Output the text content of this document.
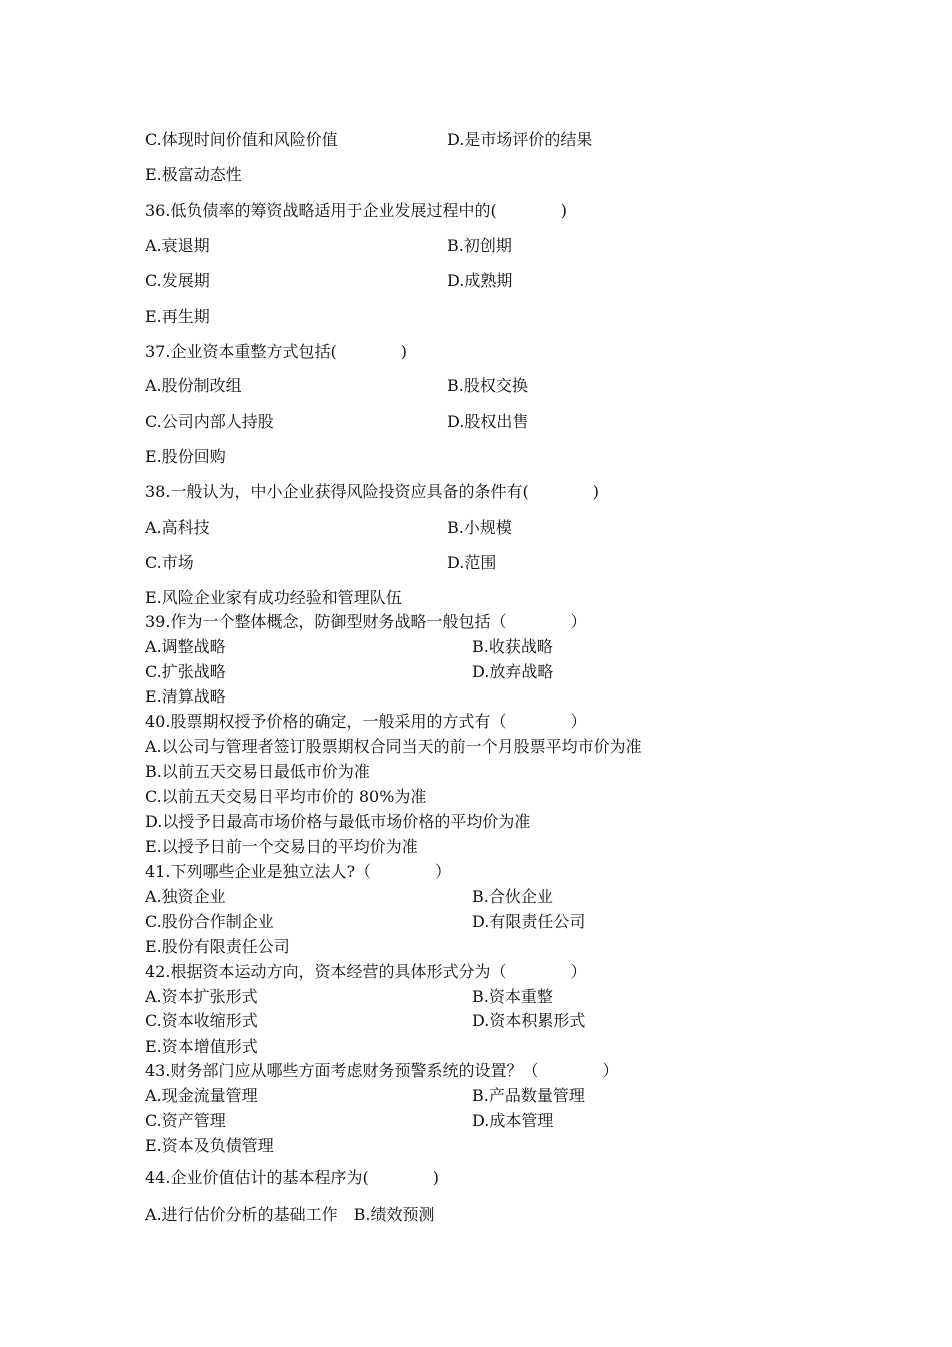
C.体现时间价值和风险价值	D.是市场评价的结果
E.极富动态性
36.低负债率的筹资战略适用于企业发展过程中的(　　　　)
A.衰退期	B.初创期
C.发展期	D.成熟期
E.再生期
37.企业资本重整方式包括(　　　　)
A.股份制改组	B.股权交换
C.公司内部人持股	D.股权出售
E.股份回购
38.一般认为，中小企业获得风险投资应具备的条件有(　　　　)
A.高科技	B.小规模
C.市场	D.范围
E.风险企业家有成功经验和管理队伍
39.作为一个整体概念，防御型财务战略一般包括（　　　　）
A.调整战略	B.收获战略
C.扩张战略	D.放弃战略
E.清算战略
40.股票期权授予价格的确定，一般采用的方式有（　　　　）
A.以公司与管理者签订股票期权合同当天的前一个月股票平均市价为准
B.以前五天交易日最低市价为准
C.以前五天交易日平均市价的 80%为准
D.以授予日最高市场价格与最低市场价格的平均价为准
E.以授予日前一个交易日的平均价为准
41.下列哪些企业是独立法人?（　　　　）
A.独资企业	B.合伙企业
C.股份合作制企业	D.有限责任公司
E.股份有限责任公司
42.根据资本运动方向，资本经营的具体形式分为（　　　　）
A.资本扩张形式	B.资本重整
C.资本收缩形式	D.资本积累形式
E.资本增值形式
43.财务部门应从哪些方面考虑财务预警系统的设置？（　　　　）
A.现金流量管理	B.产品数量管理
C.资产管理	D.成本管理
E.资本及负债管理
44.企业价值估计的基本程序为(　　　　)
A.进行估价分析的基础工作　B.绩效预测
